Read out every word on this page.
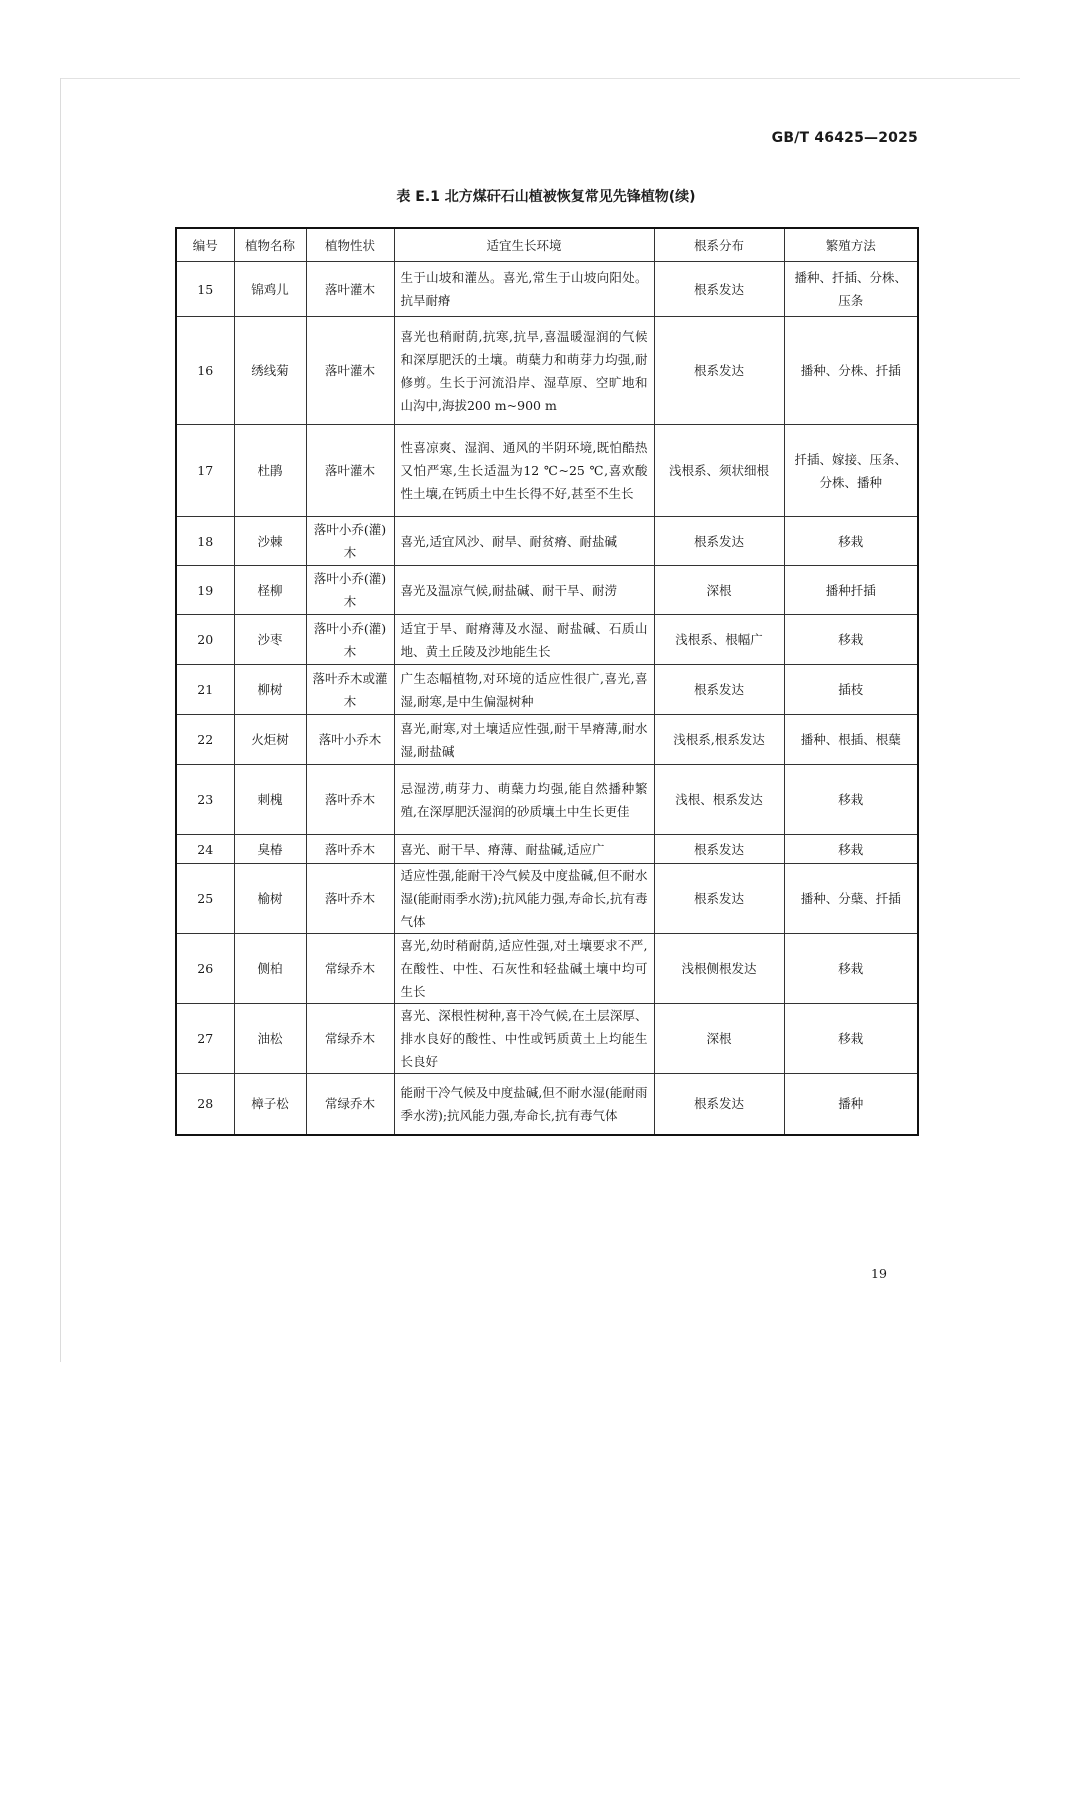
GB/T 46425—2025
表 E.1 北方煤矸石山植被恢复常见先锋植物(续)
编号	植物名称	植物性状	适宜生长环境	根系分布	繁殖方法
15	锦鸡儿	落叶灌木	生于山坡和灌丛。喜光,常生于山坡向阳处。抗旱耐瘠	根系发达	播种、扦插、分株、压条
16	绣线菊	落叶灌木	喜光也稍耐荫,抗寒,抗旱,喜温暖湿润的气候和深厚肥沃的土壤。萌蘖力和萌芽力均强,耐修剪。生长于河流沿岸、湿草原、空旷地和山沟中,海拔200 m~900 m	根系发达	播种、分株、扦插
17	杜鹃	落叶灌木	性喜凉爽、湿润、通风的半阴环境,既怕酷热又怕严寒,生长适温为12 ℃~25 ℃,喜欢酸性土壤,在钙质土中生长得不好,甚至不生长	浅根系、须状细根	扦插、嫁接、压条、分株、播种
18	沙棘	落叶小乔(灌)木	喜光,适宜风沙、耐旱、耐贫瘠、耐盐碱	根系发达	移栽
19	柽柳	落叶小乔(灌)木	喜光及温凉气候,耐盐碱、耐干旱、耐涝	深根	播种扦插
20	沙枣	落叶小乔(灌)木	适宜于旱、耐瘠薄及水湿、耐盐碱、石质山地、黄土丘陵及沙地能生长	浅根系、根幅广	移栽
21	柳树	落叶乔木或灌木	广生态幅植物,对环境的适应性很广,喜光,喜湿,耐寒,是中生偏湿树种	根系发达	插枝
22	火炬树	落叶小乔木	喜光,耐寒,对土壤适应性强,耐干旱瘠薄,耐水湿,耐盐碱	浅根系,根系发达	播种、根插、根蘖
23	刺槐	落叶乔木	忌湿涝,萌芽力、萌蘖力均强,能自然播种繁殖,在深厚肥沃湿润的砂质壤土中生长更佳	浅根、根系发达	移栽
24	臭椿	落叶乔木	喜光、耐干旱、瘠薄、耐盐碱,适应广	根系发达	移栽
25	榆树	落叶乔木	适应性强,能耐干冷气候及中度盐碱,但不耐水湿(能耐雨季水涝);抗风能力强,寿命长,抗有毒气体	根系发达	播种、分蘖、扦插
26	侧柏	常绿乔木	喜光,幼时稍耐荫,适应性强,对土壤要求不严,在酸性、中性、石灰性和轻盐碱土壤中均可生长	浅根侧根发达	移栽
27	油松	常绿乔木	喜光、深根性树种,喜干冷气候,在土层深厚、排水良好的酸性、中性或钙质黄土上均能生长良好	深根	移栽
28	樟子松	常绿乔木	能耐干冷气候及中度盐碱,但不耐水湿(能耐雨季水涝);抗风能力强,寿命长,抗有毒气体	根系发达	播种
19
